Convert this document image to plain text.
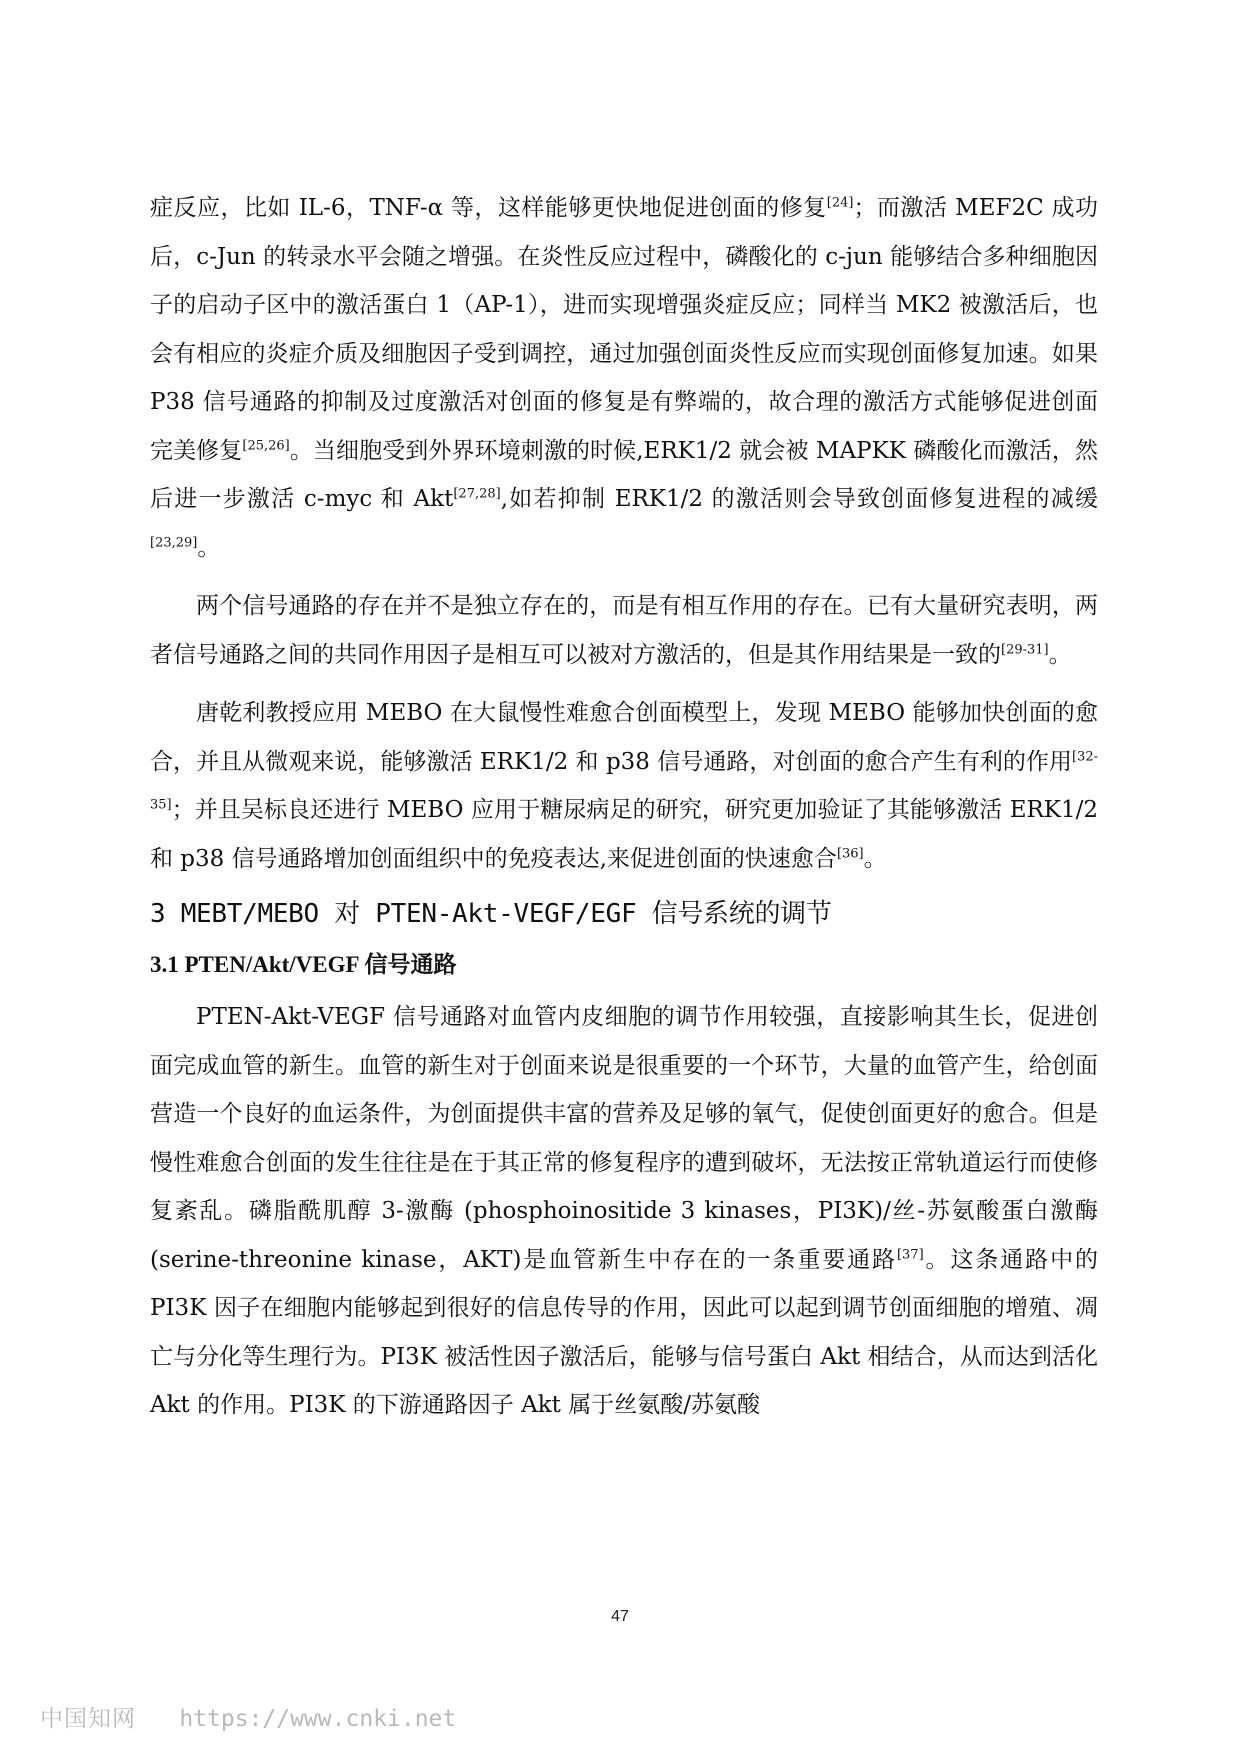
症反应，比如 IL-6，TNF-α 等，这样能够更快地促进创面的修复[24]；而激活 MEF2C 成功后，c-Jun 的转录水平会随之增强。在炎性反应过程中，磷酸化的 c-jun 能够结合多种细胞因子的启动子区中的激活蛋白 1（AP-1），进而实现增强炎症反应；同样当 MK2 被激活后，也会有相应的炎症介质及细胞因子受到调控，通过加强创面炎性反应而实现创面修复加速。如果 P38 信号通路的抑制及过度激活对创面的修复是有弊端的，故合理的激活方式能够促进创面完美修复[25,26]。当细胞受到外界环境刺激的时候,ERK1/2 就会被 MAPKK 磷酸化而激活，然后进一步激活 c-myc 和 Akt[27,28],如若抑制 ERK1/2 的激活则会导致创面修复进程的减缓[23,29]。

两个信号通路的存在并不是独立存在的，而是有相互作用的存在。已有大量研究表明，两者信号通路之间的共同作用因子是相互可以被对方激活的，但是其作用结果是一致的[29-31]。

唐乾利教授应用 MEBO 在大鼠慢性难愈合创面模型上，发现 MEBO 能够加快创面的愈合，并且从微观来说，能够激活 ERK1/2 和 p38 信号通路，对创面的愈合产生有利的作用[32-35]；并且吴标良还进行 MEBO 应用于糖尿病足的研究，研究更加验证了其能够激活 ERK1/2 和 p38 信号通路增加创面组织中的免疫表达,来促进创面的快速愈合[36]。

3 MEBT/MEBO 对 PTEN-Akt-VEGF/EGF 信号系统的调节
3.1 PTEN/Akt/VEGF 信号通路

PTEN-Akt-VEGF 信号通路对血管内皮细胞的调节作用较强，直接影响其生长，促进创面完成血管的新生。血管的新生对于创面来说是很重要的一个环节，大量的血管产生，给创面营造一个良好的血运条件，为创面提供丰富的营养及足够的氧气，促使创面更好的愈合。但是慢性难愈合创面的发生往往是在于其正常的修复程序的遭到破坏，无法按正常轨道运行而使修复紊乱。磷脂酰肌醇 3-激酶 (phosphoinositide 3 kinases，PI3K)/丝-苏氨酸蛋白激酶(serine-threonine kinase，AKT)是血管新生中存在的一条重要通路[37]。这条通路中的 PI3K 因子在细胞内能够起到很好的信息传导的作用，因此可以起到调节创面细胞的增殖、凋亡与分化等生理行为。PI3K 被活性因子激活后，能够与信号蛋白 Akt 相结合，从而达到活化 Akt 的作用。PI3K 的下游通路因子 Akt 属于丝氨酸/苏氨酸

47
中国知网 https://www.cnki.net
